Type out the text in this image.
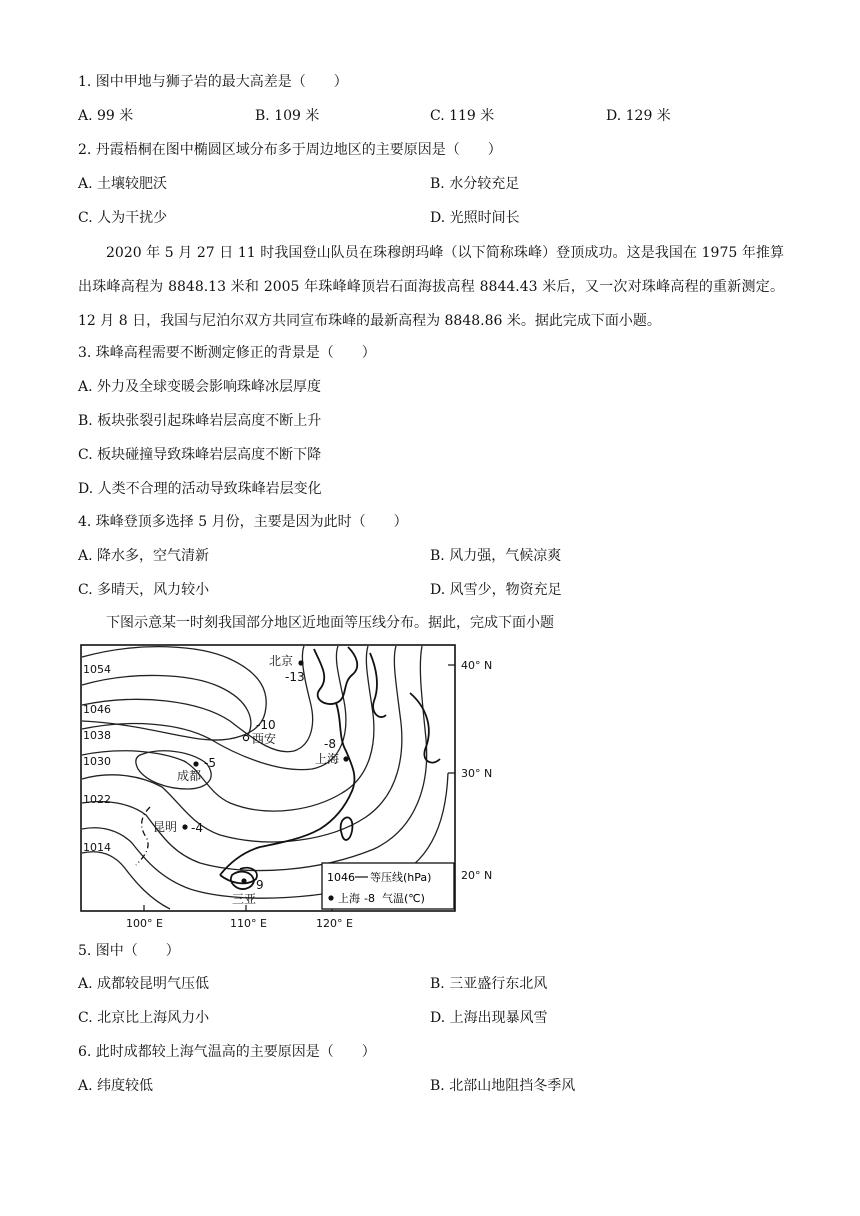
1. 图中甲地与狮子岩的最大高差是（　　）
A. 99 米	B. 109 米	C. 119 米	D. 129 米
2. 丹霞梧桐在图中椭圆区域分布多于周边地区的主要原因是（　　）
A. 土壤较肥沃	B. 水分较充足
C. 人为干扰少	D. 光照时间长
2020 年 5 月 27 日 11 时我国登山队员在珠穆朗玛峰（以下简称珠峰）登顶成功。这是我国在 1975 年推算出珠峰高程为 8848.13 米和 2005 年珠峰峰顶岩石面海拔高程 8844.43 米后，又一次对珠峰高程的重新测定。12 月 8 日，我国与尼泊尔双方共同宣布珠峰的最新高程为 8848.86 米。据此完成下面小题。
3. 珠峰高程需要不断测定修正的背景是（　　）
A. 外力及全球变暖会影响珠峰冰层厚度
B. 板块张裂引起珠峰岩层高度不断上升
C. 板块碰撞导致珠峰岩层高度不断下降
D. 人类不合理的活动导致珠峰岩层变化
4. 珠峰登顶多选择 5 月份，主要是因为此时（　　）
A. 降水多，空气清新	B. 风力强，气候凉爽
C. 多晴天，风力较小	D. 风雪少，物资充足
下图示意某一时刻我国部分地区近地面等压线分布。据此，完成下面小题
1054
1046
1038
1030
1022
1014
北京
-13
西安
-10
成都
-5	上海
-8
昆明 -4
三亚
9
1046 等压线(hPa)
上海 -8 气温(℃)
40° N
30° N
20° N
100° E	110° E	120° E
5. 图中（　　）
A. 成都较昆明气压低	B. 三亚盛行东北风
C. 北京比上海风力小	D. 上海出现暴风雪
6. 此时成都较上海气温高的主要原因是（　　）
A. 纬度较低	B. 北部山地阻挡冬季风
